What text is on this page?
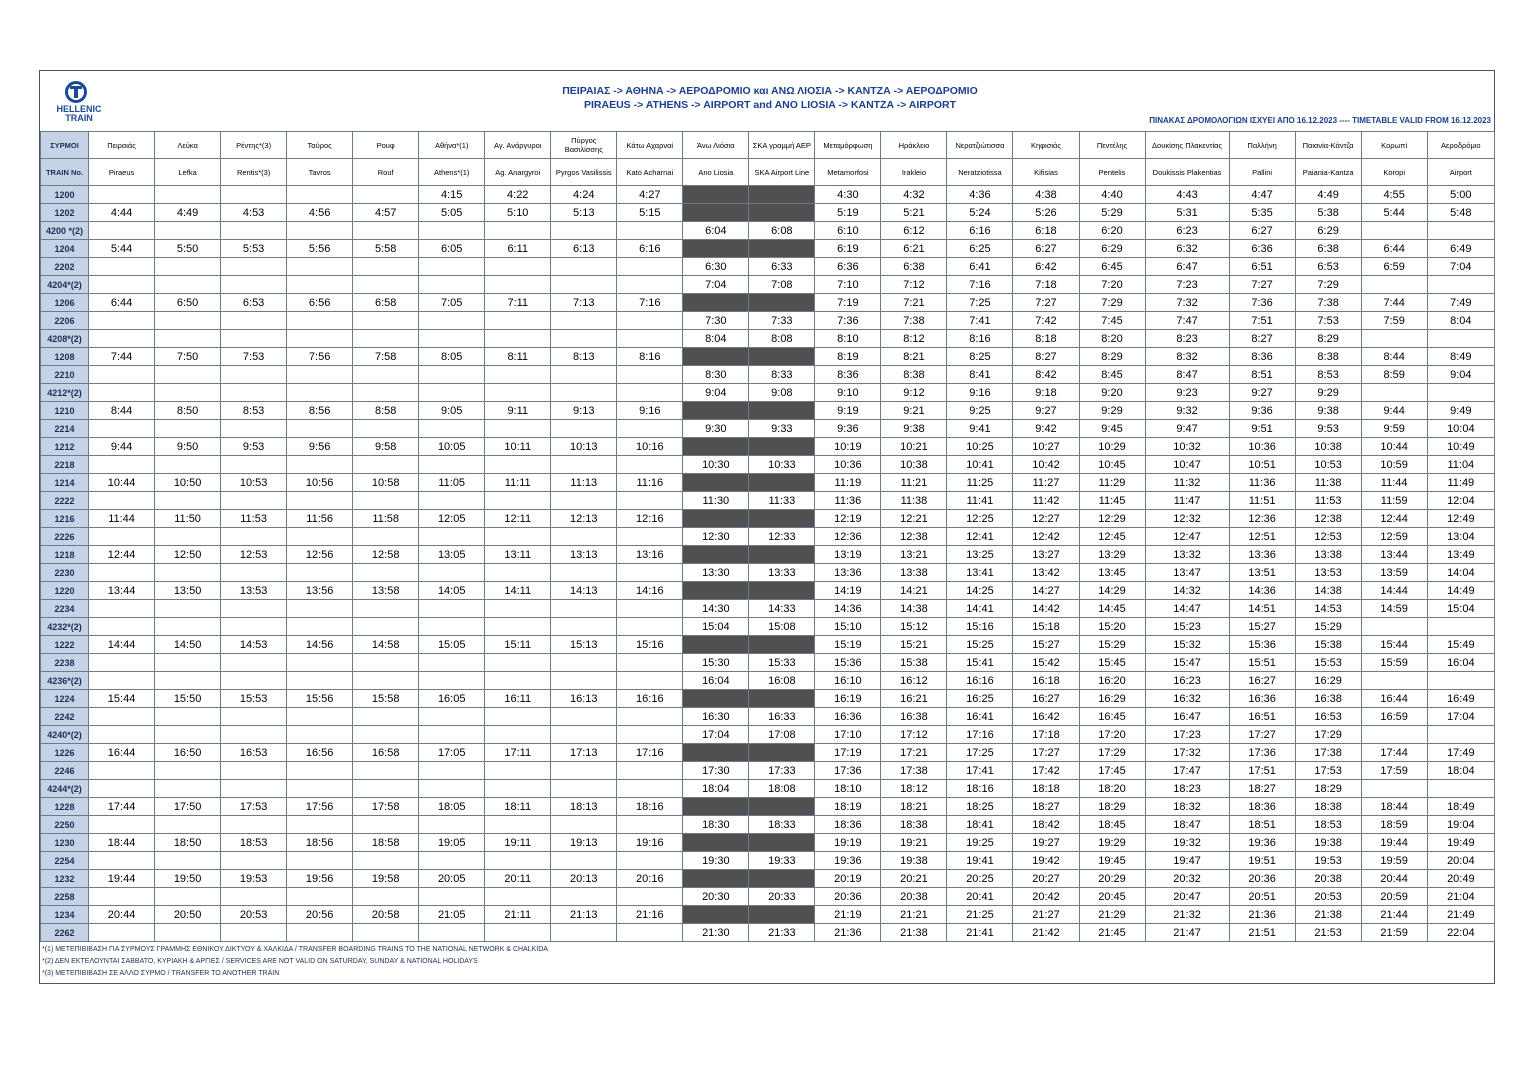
HELLENIC
TRAIN
ΠΕΙΡΑΙΑΣ -> ΑΘΗΝΑ -> ΑΕΡΟΔΡΟΜΙΟ και ΑΝΩ ΛΙΟΣΙΑ -> ΚΑΝΤΖΑ -> ΑΕΡΟΔΡΟΜΙΟ
PIRAEUS -> ATHENS -> AIRPORT and ANO LIOSIA -> KANTZA -> AIRPORT
ΠΙΝΑΚΑΣ ΔΡΟΜΟΛΟΓΙΩΝ ΙΣΧΥΕΙ ΑΠΟ 16.12.2023 ---- TIMETABLE VALID FROM 16.12.2023
ΣΥΡΜΟΙ	Πειραιάς	Λεύκα	Ρέντης*(3)	Ταύρος	Ρουφ	Αθήνα*(1)	Αγ. Ανάργυροι	Πύργος Βασιλίσσης	Κάτω Αχαρναί	Άνω Λιόσια	ΣΚΑ γραμμή ΑΕΡ	Μεταμόρφωση	Ηράκλειο	Νερατζιώτισσα	Κηφισιάς	Πεντέλης	Δουκίσης Πλακεντίας	Παλλήνη	Παιανία-Κάντζα	Κορωπί	Αεροδρόμιο
TRAIN No.	Piraeus	Lefka	Rentis*(3)	Tavros	Rouf	Athens*(1)	Ag. Anargyroi	Pyrgos Vasilissis	Kato Acharnai	Ano Liosia	SKA Airport Line	Metamorfosi	Irakleio	Neratziotissa	Kifisias	Pentelis	Doukissis Plakentias	Pallini	Paiania-Kantza	Koropi	Airport
1200						4:15	4:22	4:24	4:27			4:30	4:32	4:36	4:38	4:40	4:43	4:47	4:49	4:55	5:00
1202	4:44	4:49	4:53	4:56	4:57	5:05	5:10	5:13	5:15			5:19	5:21	5:24	5:26	5:29	5:31	5:35	5:38	5:44	5:48
4200 *(2)										6:04	6:08	6:10	6:12	6:16	6:18	6:20	6:23	6:27	6:29		
1204	5:44	5:50	5:53	5:56	5:58	6:05	6:11	6:13	6:16			6:19	6:21	6:25	6:27	6:29	6:32	6:36	6:38	6:44	6:49
2202										6:30	6:33	6:36	6:38	6:41	6:42	6:45	6:47	6:51	6:53	6:59	7:04
4204*(2)										7:04	7:08	7:10	7:12	7:16	7:18	7:20	7:23	7:27	7:29		
1206	6:44	6:50	6:53	6:56	6:58	7:05	7:11	7:13	7:16			7:19	7:21	7:25	7:27	7:29	7:32	7:36	7:38	7:44	7:49
2206										7:30	7:33	7:36	7:38	7:41	7:42	7:45	7:47	7:51	7:53	7:59	8:04
4208*(2)										8:04	8:08	8:10	8:12	8:16	8:18	8:20	8:23	8:27	8:29		
1208	7:44	7:50	7:53	7:56	7:58	8:05	8:11	8:13	8:16			8:19	8:21	8:25	8:27	8:29	8:32	8:36	8:38	8:44	8:49
2210										8:30	8:33	8:36	8:38	8:41	8:42	8:45	8:47	8:51	8:53	8:59	9:04
4212*(2)										9:04	9:08	9:10	9:12	9:16	9:18	9:20	9:23	9:27	9:29		
1210	8:44	8:50	8:53	8:56	8:58	9:05	9:11	9:13	9:16			9:19	9:21	9:25	9:27	9:29	9:32	9:36	9:38	9:44	9:49
2214										9:30	9:33	9:36	9:38	9:41	9:42	9:45	9:47	9:51	9:53	9:59	10:04
1212	9:44	9:50	9:53	9:56	9:58	10:05	10:11	10:13	10:16			10:19	10:21	10:25	10:27	10:29	10:32	10:36	10:38	10:44	10:49
2218										10:30	10:33	10:36	10:38	10:41	10:42	10:45	10:47	10:51	10:53	10:59	11:04
1214	10:44	10:50	10:53	10:56	10:58	11:05	11:11	11:13	11:16			11:19	11:21	11:25	11:27	11:29	11:32	11:36	11:38	11:44	11:49
2222										11:30	11:33	11:36	11:38	11:41	11:42	11:45	11:47	11:51	11:53	11:59	12:04
1216	11:44	11:50	11:53	11:56	11:58	12:05	12:11	12:13	12:16			12:19	12:21	12:25	12:27	12:29	12:32	12:36	12:38	12:44	12:49
2226										12:30	12:33	12:36	12:38	12:41	12:42	12:45	12:47	12:51	12:53	12:59	13:04
1218	12:44	12:50	12:53	12:56	12:58	13:05	13:11	13:13	13:16			13:19	13:21	13:25	13:27	13:29	13:32	13:36	13:38	13:44	13:49
2230										13:30	13:33	13:36	13:38	13:41	13:42	13:45	13:47	13:51	13:53	13:59	14:04
1220	13:44	13:50	13:53	13:56	13:58	14:05	14:11	14:13	14:16			14:19	14:21	14:25	14:27	14:29	14:32	14:36	14:38	14:44	14:49
2234										14:30	14:33	14:36	14:38	14:41	14:42	14:45	14:47	14:51	14:53	14:59	15:04
4232*(2)										15:04	15:08	15:10	15:12	15:16	15:18	15:20	15:23	15:27	15:29		
1222	14:44	14:50	14:53	14:56	14:58	15:05	15:11	15:13	15:16			15:19	15:21	15:25	15:27	15:29	15:32	15:36	15:38	15:44	15:49
2238										15:30	15:33	15:36	15:38	15:41	15:42	15:45	15:47	15:51	15:53	15:59	16:04
4236*(2)										16:04	16:08	16:10	16:12	16:16	16:18	16:20	16:23	16:27	16:29		
1224	15:44	15:50	15:53	15:56	15:58	16:05	16:11	16:13	16:16			16:19	16:21	16:25	16:27	16:29	16:32	16:36	16:38	16:44	16:49
2242										16:30	16:33	16:36	16:38	16:41	16:42	16:45	16:47	16:51	16:53	16:59	17:04
4240*(2)										17:04	17:08	17:10	17:12	17:16	17:18	17:20	17:23	17:27	17:29		
1226	16:44	16:50	16:53	16:56	16:58	17:05	17:11	17:13	17:16			17:19	17:21	17:25	17:27	17:29	17:32	17:36	17:38	17:44	17:49
2246										17:30	17:33	17:36	17:38	17:41	17:42	17:45	17:47	17:51	17:53	17:59	18:04
4244*(2)										18:04	18:08	18:10	18:12	18:16	18:18	18:20	18:23	18:27	18:29		
1228	17:44	17:50	17:53	17:56	17:58	18:05	18:11	18:13	18:16			18:19	18:21	18:25	18:27	18:29	18:32	18:36	18:38	18:44	18:49
2250										18:30	18:33	18:36	18:38	18:41	18:42	18:45	18:47	18:51	18:53	18:59	19:04
1230	18:44	18:50	18:53	18:56	18:58	19:05	19:11	19:13	19:16			19:19	19:21	19:25	19:27	19:29	19:32	19:36	19:38	19:44	19:49
2254										19:30	19:33	19:36	19:38	19:41	19:42	19:45	19:47	19:51	19:53	19:59	20:04
1232	19:44	19:50	19:53	19:56	19:58	20:05	20:11	20:13	20:16			20:19	20:21	20:25	20:27	20:29	20:32	20:36	20:38	20:44	20:49
2258										20:30	20:33	20:36	20:38	20:41	20:42	20:45	20:47	20:51	20:53	20:59	21:04
1234	20:44	20:50	20:53	20:56	20:58	21:05	21:11	21:13	21:16			21:19	21:21	21:25	21:27	21:29	21:32	21:36	21:38	21:44	21:49
2262										21:30	21:33	21:36	21:38	21:41	21:42	21:45	21:47	21:51	21:53	21:59	22:04
*(1) ΜΕΤΕΠΙΒΙΒΑΣΗ ΓΙΑ ΣΥΡΜΟΥΣ ΓΡΑΜΜΗΣ ΕΘΝΙΚΟΥ ΔΙΚΤΥΟΥ & ΧΑΛΚΙΔΑ / TRANSFER BOARDING TRAINS TO THE NATIONAL NETWORK & CHALKIDA
*(2) ΔΕΝ ΕΚΤΕΛΟΥΝΤΑΙ ΣΑΒΒΑΤΟ, ΚΥΡΙΑΚΗ & ΑΡΓΙΕΣ / SERVICES ARE NOT VALID ON SATURDAY, SUNDAY & NATIONAL HOLIDAYS
*(3) ΜΕΤΕΠΙΒΙΒΑΣΗ ΣΕ ΑΛΛΟ ΣΥΡΜΟ / TRANSFER TO ANOTHER TRAIN
